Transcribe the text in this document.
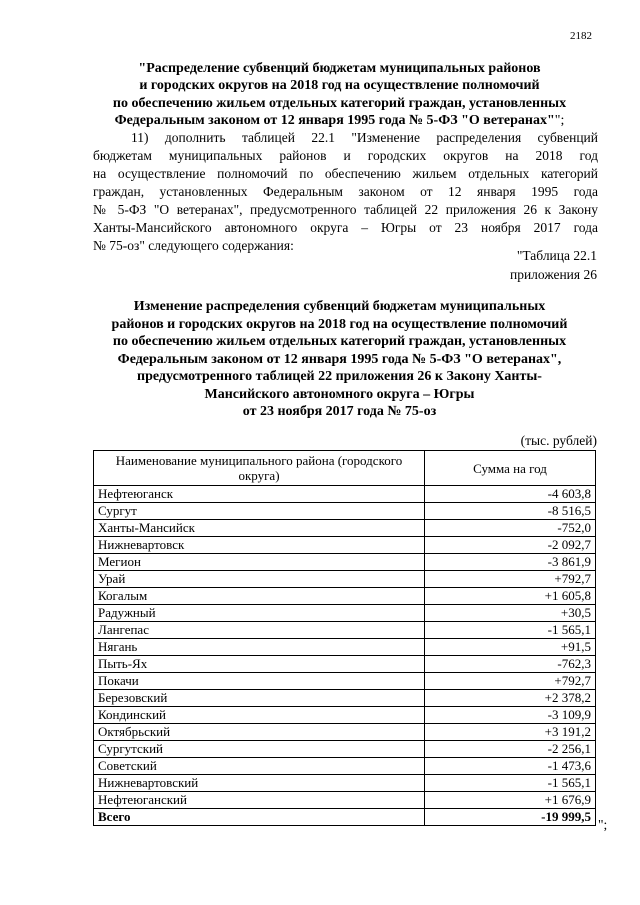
2182
"Распределение субвенций бюджетам муниципальных районов
и городских округов на 2018 год на осуществление полномочий
по обеспечению жильем отдельных категорий граждан, установленных
Федеральным законом от 12 января 1995 года № 5-ФЗ "О ветеранах"";
11) дополнить таблицей 22.1 "Изменение распределения субвенций
бюджетам муниципальных районов и городских округов на 2018 год
на осуществление полномочий по обеспечению жильем отдельных категорий
граждан, установленных Федеральным законом от 12 января 1995 года
№ 5-ФЗ "О ветеранах", предусмотренного таблицей 22 приложения 26 к Закону
Ханты-Мансийского автономного округа – Югры от 23 ноября 2017 года
№ 75-оз" следующего содержания:
"Таблица 22.1
приложения 26
Изменение распределения субвенций бюджетам муниципальных
районов и городских округов на 2018 год на осуществление полномочий
по обеспечению жильем отдельных категорий граждан, установленных
Федеральным законом от 12 января 1995 года № 5-ФЗ "О ветеранах",
предусмотренного таблицей 22 приложения 26 к Закону Ханты-
Мансийского автономного округа – Югры
от 23 ноября 2017 года № 75-оз
(тыс. рублей)
Наименование муниципального района (городского округа)	Сумма на год
Нефтеюганск	-4 603,8
Сургут	-8 516,5
Ханты-Мансийск	-752,0
Нижневартовск	-2 092,7
Мегион	-3 861,9
Урай	+792,7
Когалым	+1 605,8
Радужный	+30,5
Лангепас	-1 565,1
Нягань	+91,5
Пыть-Ях	-762,3
Покачи	+792,7
Березовский	+2 378,2
Кондинский	-3 109,9
Октябрьский	+3 191,2
Сургутский	-2 256,1
Советский	-1 473,6
Нижневартовский	-1 565,1
Нефтеюганский	+1 676,9
Всего	-19 999,5
";
